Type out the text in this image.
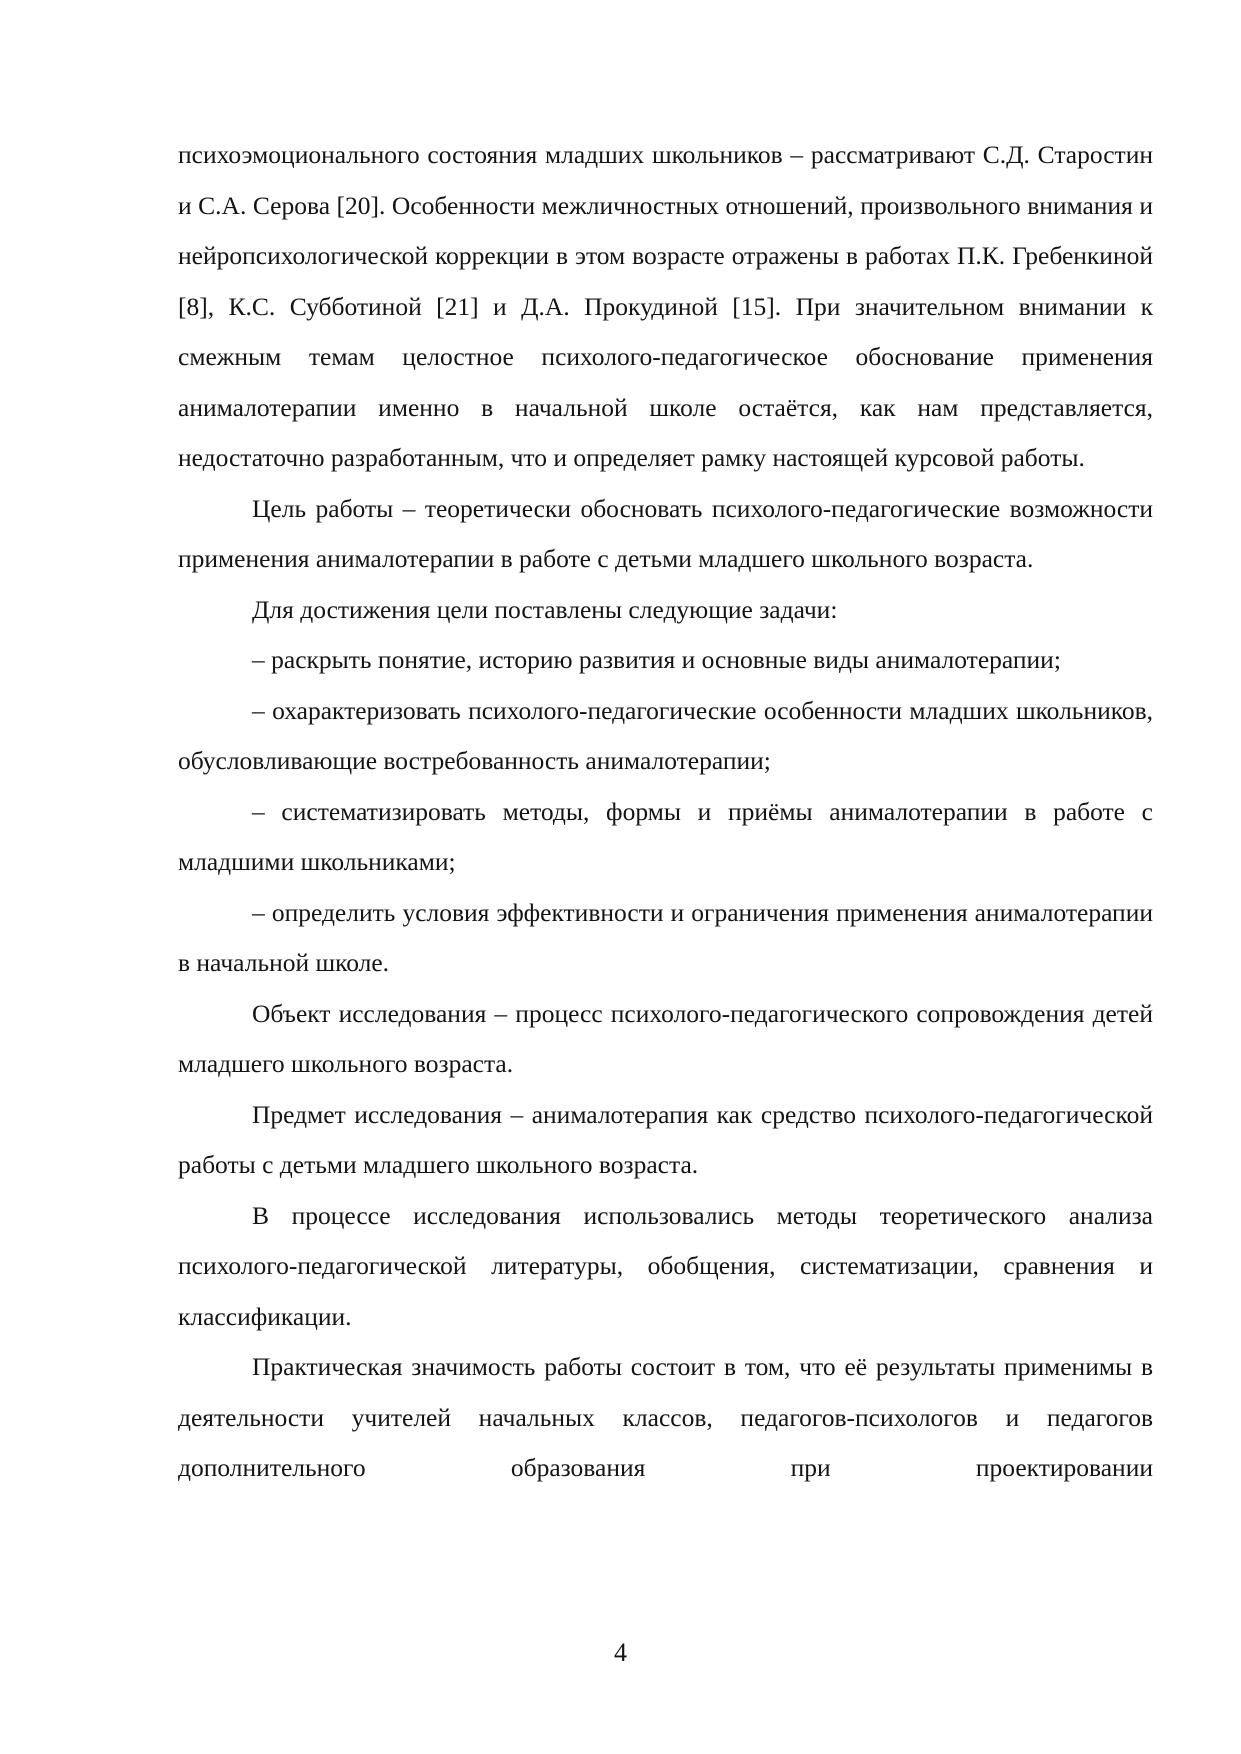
психоэмоционального состояния младших школьников – рассматривают С.Д. Старостин и С.А. Серова [20]. Особенности межличностных отношений, произвольного внимания и нейропсихологической коррекции в этом возрасте отражены в работах П.К. Гребенкиной [8], К.С. Субботиной [21] и Д.А. Прокудиной [15]. При значительном внимании к смежным темам целостное психолого-педагогическое обоснование применения анималотерапии именно в начальной школе остаётся, как нам представляется, недостаточно разработанным, что и определяет рамку настоящей курсовой работы.

Цель работы – теоретически обосновать психолого-педагогические возможности применения анималотерапии в работе с детьми младшего школьного возраста.

Для достижения цели поставлены следующие задачи:

– раскрыть понятие, историю развития и основные виды анималотерапии;

– охарактеризовать психолого-педагогические особенности младших школьников, обусловливающие востребованность анималотерапии;

– систематизировать методы, формы и приёмы анималотерапии в работе с младшими школьниками;

– определить условия эффективности и ограничения применения анималотерапии в начальной школе.

Объект исследования – процесс психолого-педагогического сопровождения детей младшего школьного возраста.

Предмет исследования – анималотерапия как средство психолого-педагогической работы с детьми младшего школьного возраста.

В процессе исследования использовались методы теоретического анализа психолого-педагогической литературы, обобщения, систематизации, сравнения и классификации.

Практическая значимость работы состоит в том, что её результаты применимы в деятельности учителей начальных классов, педагогов-психологов и педагогов дополнительного образования при проектировании

4
